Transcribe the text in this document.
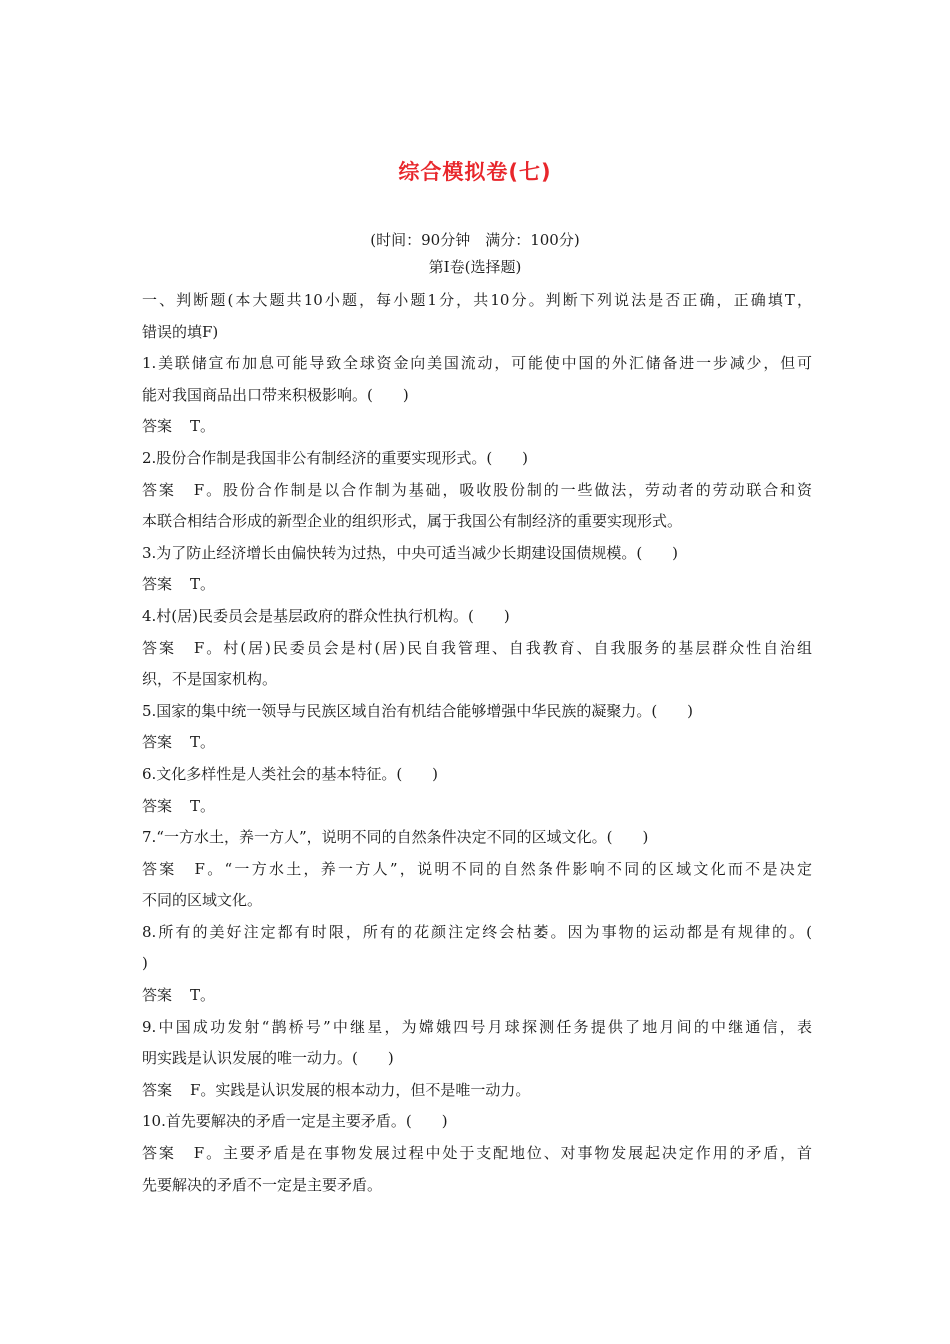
综合模拟卷(七)
(时间：90分钟　满分：100分)
第Ⅰ卷(选择题)
一、判断题(本大题共10小题，每小题1分，共10分。判断下列说法是否正确，正确填T，
错误的填F)
1.美联储宣布加息可能导致全球资金向美国流动，可能使中国的外汇储备进一步减少，但可
能对我国商品出口带来积极影响。(　　)
答案 T。
2.股份合作制是我国非公有制经济的重要实现形式。(　　)
答案 F。股份合作制是以合作制为基础，吸收股份制的一些做法，劳动者的劳动联合和资
本联合相结合形成的新型企业的组织形式，属于我国公有制经济的重要实现形式。
3.为了防止经济增长由偏快转为过热，中央可适当减少长期建设国债规模。(　　)
答案 T。
4.村(居)民委员会是基层政府的群众性执行机构。(　　)
答案 F。村(居)民委员会是村(居)民自我管理、自我教育、自我服务的基层群众性自治组
织，不是国家机构。
5.国家的集中统一领导与民族区域自治有机结合能够增强中华民族的凝聚力。(　　)
答案 T。
6.文化多样性是人类社会的基本特征。(　　)
答案 T。
7.“一方水土，养一方人”，说明不同的自然条件决定不同的区域文化。(　　)
答案 F。“一方水土，养一方人”，说明不同的自然条件影响不同的区域文化而不是决定
不同的区域文化。
8.所有的美好注定都有时限，所有的花颜注定终会枯萎。因为事物的运动都是有规律的。(
)
答案 T。
9.中国成功发射“鹊桥号”中继星，为嫦娥四号月球探测任务提供了地月间的中继通信，表
明实践是认识发展的唯一动力。(　　)
答案 F。实践是认识发展的根本动力，但不是唯一动力。
10.首先要解决的矛盾一定是主要矛盾。(　　)
答案 F。主要矛盾是在事物发展过程中处于支配地位、对事物发展起决定作用的矛盾，首
先要解决的矛盾不一定是主要矛盾。
